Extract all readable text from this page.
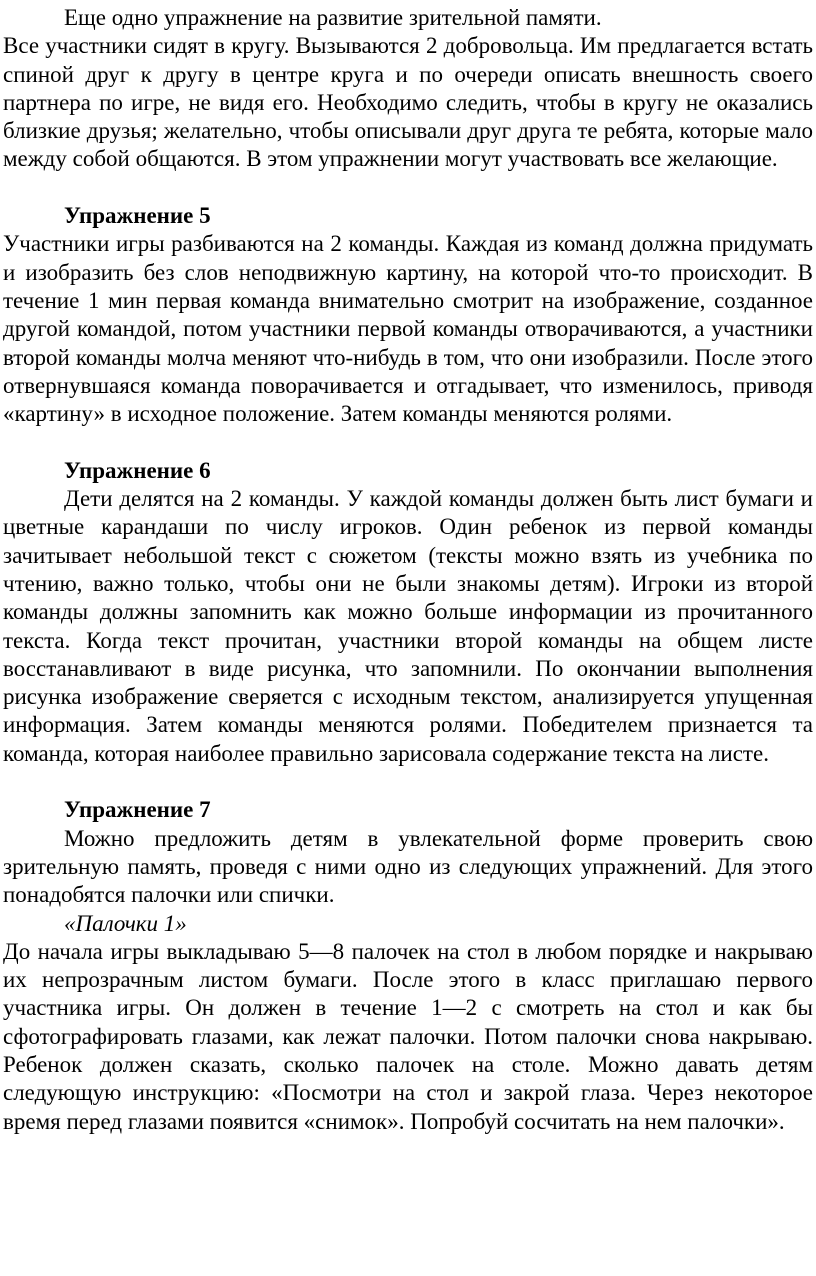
Еще одно упражнение на развитие зрительной памяти.

Все участники сидят в кругу. Вызываются 2 добровольца. Им предлагается встать спиной друг к другу в центре круга и по очереди описать внешность своего партнера по игре, не видя его. Необходимо следить, чтобы в кругу не оказались близкие друзья; желательно, чтобы описывали друг друга те ребята, которые мало между собой общаются. В этом упражнении могут участвовать все желающие.

Упражнение 5

Участники игры разбиваются на 2 команды. Каждая из команд должна придумать и изобразить без слов неподвижную картину, на которой что-то происходит. В течение 1 мин первая команда внимательно смотрит на изображение, созданное другой командой, потом участники первой команды отворачиваются, а участники второй команды молча меняют что-нибудь в том, что они изобразили. После этого отвернувшаяся команда поворачивается и отгадывает, что изменилось, приводя «картину» в исходное положение. Затем команды меняются ролями.

Упражнение 6

Дети делятся на 2 команды. У каждой команды должен быть лист бумаги и цветные карандаши по числу игроков. Один ребенок из первой команды зачитывает небольшой текст с сюжетом (тексты можно взять из учебника по чтению, важно только, чтобы они не были знакомы детям). Игроки из второй команды должны запомнить как можно больше информации из прочитанного текста. Когда текст прочитан, участники второй команды на общем листе восстанавливают в виде рисунка, что запомнили. По окончании выполнения рисунка изображение сверяется с исходным текстом, анализируется упущенная информация. Затем команды меняются ролями. Победителем признается та команда, которая наиболее правильно зарисовала содержание текста на листе.

Упражнение 7

Можно предложить детям в увлекательной форме проверить свою зрительную память, проведя с ними одно из следующих упражнений. Для этого понадобятся палочки или спички.

«Палочки 1»

До начала игры выкладываю 5—8 палочек на стол в любом порядке и накрываю их непрозрачным листом бумаги. После этого в класс приглашаю первого участника игры. Он должен в течение 1—2 с смотреть на стол и как бы сфотографировать глазами, как лежат палочки. Потом палочки снова накрываю. Ребенок должен сказать, сколько палочек на столе. Можно давать детям следующую инструкцию: «Посмотри на стол и закрой глаза. Через некоторое время перед глазами появится «снимок». Попробуй сосчитать на нем палочки».
